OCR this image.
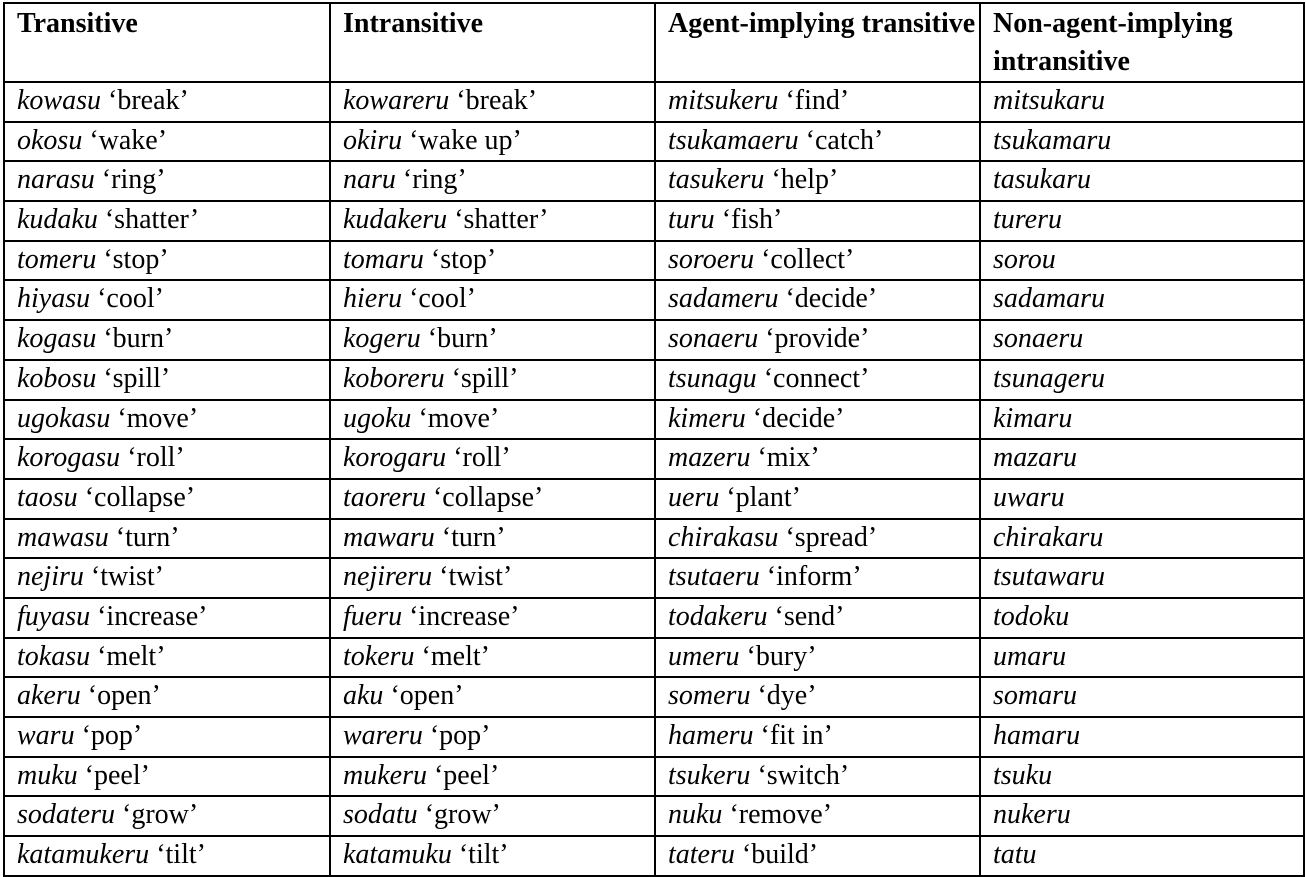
Transitive	Intransitive	Agent-implying transitive	Non-agent-implying intransitive
kowasu ‘break’	kowareru ‘break’	mitsukeru ‘find’	mitsukaru
okosu ‘wake’	okiru ‘wake up’	tsukamaeru ‘catch’	tsukamaru
narasu ‘ring’	naru ‘ring’	tasukeru ‘help’	tasukaru
kudaku ‘shatter’	kudakeru ‘shatter’	turu ‘fish’	tureru
tomeru ‘stop’	tomaru ‘stop’	soroeru ‘collect’	sorou
hiyasu ‘cool’	hieru ‘cool’	sadameru ‘decide’	sadamaru
kogasu ‘burn’	kogeru ‘burn’	sonaeru ‘provide’	sonaeru
kobosu ‘spill’	koboreru ‘spill’	tsunagu ‘connect’	tsunageru
ugokasu ‘move’	ugoku ‘move’	kimeru ‘decide’	kimaru
korogasu ‘roll’	korogaru ‘roll’	mazeru ‘mix’	mazaru
taosu ‘collapse’	taoreru ‘collapse’	ueru ‘plant’	uwaru
mawasu ‘turn’	mawaru ‘turn’	chirakasu ‘spread’	chirakaru
nejiru ‘twist’	nejireru ‘twist’	tsutaeru ‘inform’	tsutawaru
fuyasu ‘increase’	fueru ‘increase’	todakeru ‘send’	todoku
tokasu ‘melt’	tokeru ‘melt’	umeru ‘bury’	umaru
akeru ‘open’	aku ‘open’	someru ‘dye’	somaru
waru ‘pop’	wareru ‘pop’	hameru ‘fit in’	hamaru
muku ‘peel’	mukeru ‘peel’	tsukeru ‘switch’	tsuku
sodateru ‘grow’	sodatu ‘grow’	nuku ‘remove’	nukeru
katamukeru ‘tilt’	katamuku ‘tilt’	tateru ‘build’	tatu
